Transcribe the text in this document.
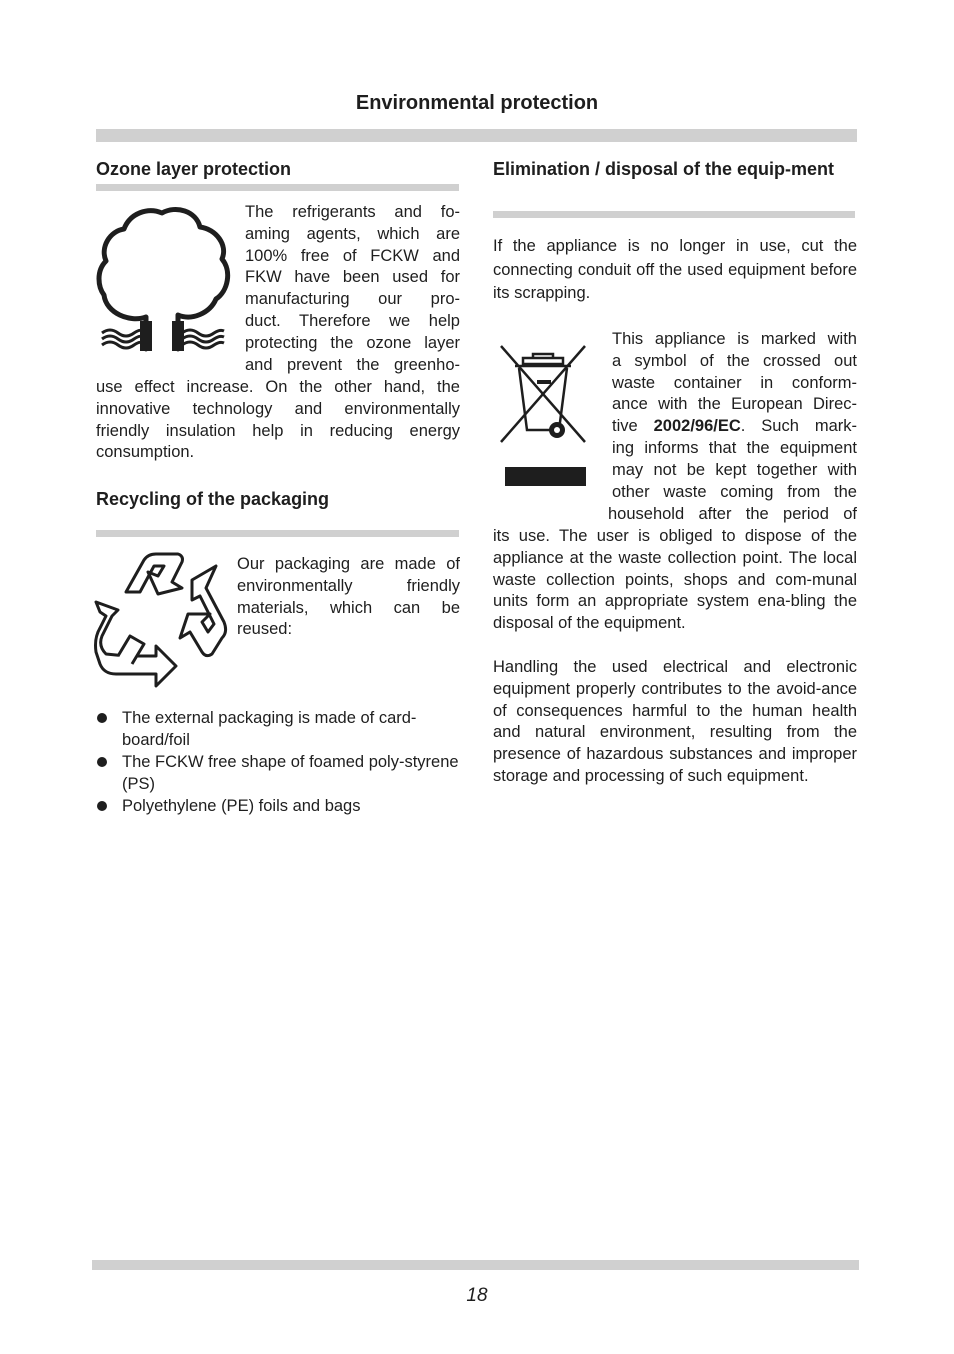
Environmental protection
Ozone layer protection

The refrigerants and fo-

aming agents, which are

100% free of FCKW and

FKW have been used for

manufacturing our pro-

duct. Therefore we help

protecting the ozone layer

and prevent the greenho-

use effect increase. On the other hand, the innovative technology and environmentally friendly insulation help in reducing energy consumption.

Recycling of the packaging

Our packaging are made of environmentally friendly materials, which can be reused:

The external packaging is made of card-board/foil
The FCKW free shape of foamed poly-styrene (PS)
Polyethylene (PE) foils and bags
Elimination / disposal of the equip-ment

If the appliance is no longer in use, cut the connecting conduit off the used equipment before its scrapping.

This appliance is marked with

a symbol of the crossed out

waste container in conform-

ance with the European Direc-

tive 2002/96/EC. Such mark-

ing informs that the equipment

may not be kept together with

other waste coming from the

household after the period of

its use. The user is obliged to dispose of the appliance at the waste collection point. The local waste collection points, shops and com-munal units form an appropriate system ena-bling the disposal of the equipment.

Handling the used electrical and electronic equipment properly contributes to the avoid-ance of consequences harmful to the human health and natural environment, resulting from the presence of hazardous substances and improper storage and processing of such equipment.

18
